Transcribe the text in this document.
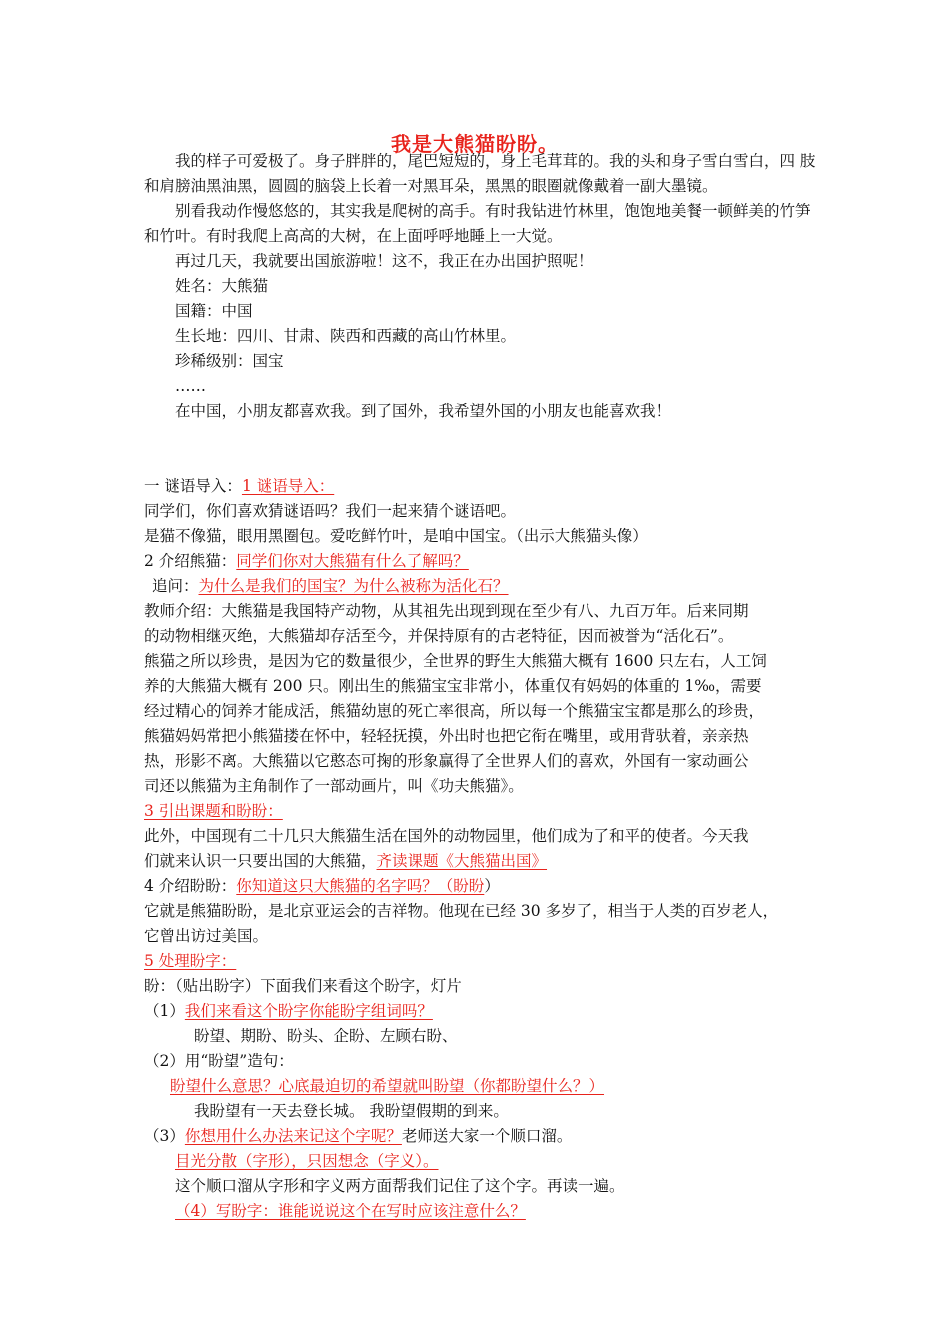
我是大熊猫盼盼。

我的样子可爱极了。身子胖胖的，尾巴短短的，身上毛茸茸的。我的头和身子雪白雪白，四 肢和肩膀油黑油黑，圆圆的脑袋上长着一对黑耳朵，黑黑的眼圈就像戴着一副大墨镜。

别看我动作慢悠悠的，其实我是爬树的高手。有时我钻进竹林里，饱饱地美餐一顿鲜美的竹笋和竹叶。有时我爬上高高的大树，在上面呼呼地睡上一大觉。

再过几天，我就要出国旅游啦！这不，我正在办出国护照呢！

姓名：大熊猫

国籍：中国

生长地：四川、甘肃、陕西和西藏的高山竹林里。

珍稀级别：国宝

……

在中国，小朋友都喜欢我。到了国外，我希望外国的小朋友也能喜欢我！

一 谜语导入：1 谜语导入：

同学们，你们喜欢猜谜语吗？我们一起来猜个谜语吧。

是猫不像猫，眼用黑圈包。爱吃鲜竹叶，是咱中国宝。（出示大熊猫头像）

2 介绍熊猫：同学们你对大熊猫有什么了解吗？

追问：为什么是我们的国宝？为什么被称为活化石？

教师介绍：大熊猫是我国特产动物，从其祖先出现到现在至少有八、九百万年。后来同期

的动物相继灭绝，大熊猫却存活至今，并保持原有的古老特征，因而被誉为“活化石”。

熊猫之所以珍贵，是因为它的数量很少，全世界的野生大熊猫大概有 1600 只左右，人工饲

养的大熊猫大概有 200 只。刚出生的熊猫宝宝非常小，体重仅有妈妈的体重的 1‰，需要

经过精心的饲养才能成活，熊猫幼崽的死亡率很高，所以每一个熊猫宝宝都是那么的珍贵，

熊猫妈妈常把小熊猫搂在怀中，轻轻抚摸，外出时也把它衔在嘴里，或用背驮着，亲亲热

热，形影不离。大熊猫以它憨态可掬的形象赢得了全世界人们的喜欢，外国有一家动画公

司还以熊猫为主角制作了一部动画片，叫《功夫熊猫》。

3 引出课题和盼盼：

此外，中国现有二十几只大熊猫生活在国外的动物园里，他们成为了和平的使者。今天我

们就来认识一只要出国的大熊猫，齐读课题《大熊猫出国》

4 介绍盼盼：你知道这只大熊猫的名字吗？（盼盼）

它就是熊猫盼盼，是北京亚运会的吉祥物。他现在已经 30 多岁了，相当于人类的百岁老人，

它曾出访过美国。

5 处理盼字：

盼：（贴出盼字）下面我们来看这个盼字，灯片

（1）我们来看这个盼字你能盼字组词吗？

盼望、期盼、盼头、企盼、左顾右盼、

（2）用“盼望”造句：

盼望什么意思？心底最迫切的希望就叫盼望（你都盼望什么？）

我盼望有一天去登长城。 我盼望假期的到来。

（3）你想用什么办法来记这个字呢？老师送大家一个顺口溜。

目光分散（字形），只因想念（字义）。

这个顺口溜从字形和字义两方面帮我们记住了这个字。再读一遍。

（4）写盼字：谁能说说这个在写时应该注意什么？
